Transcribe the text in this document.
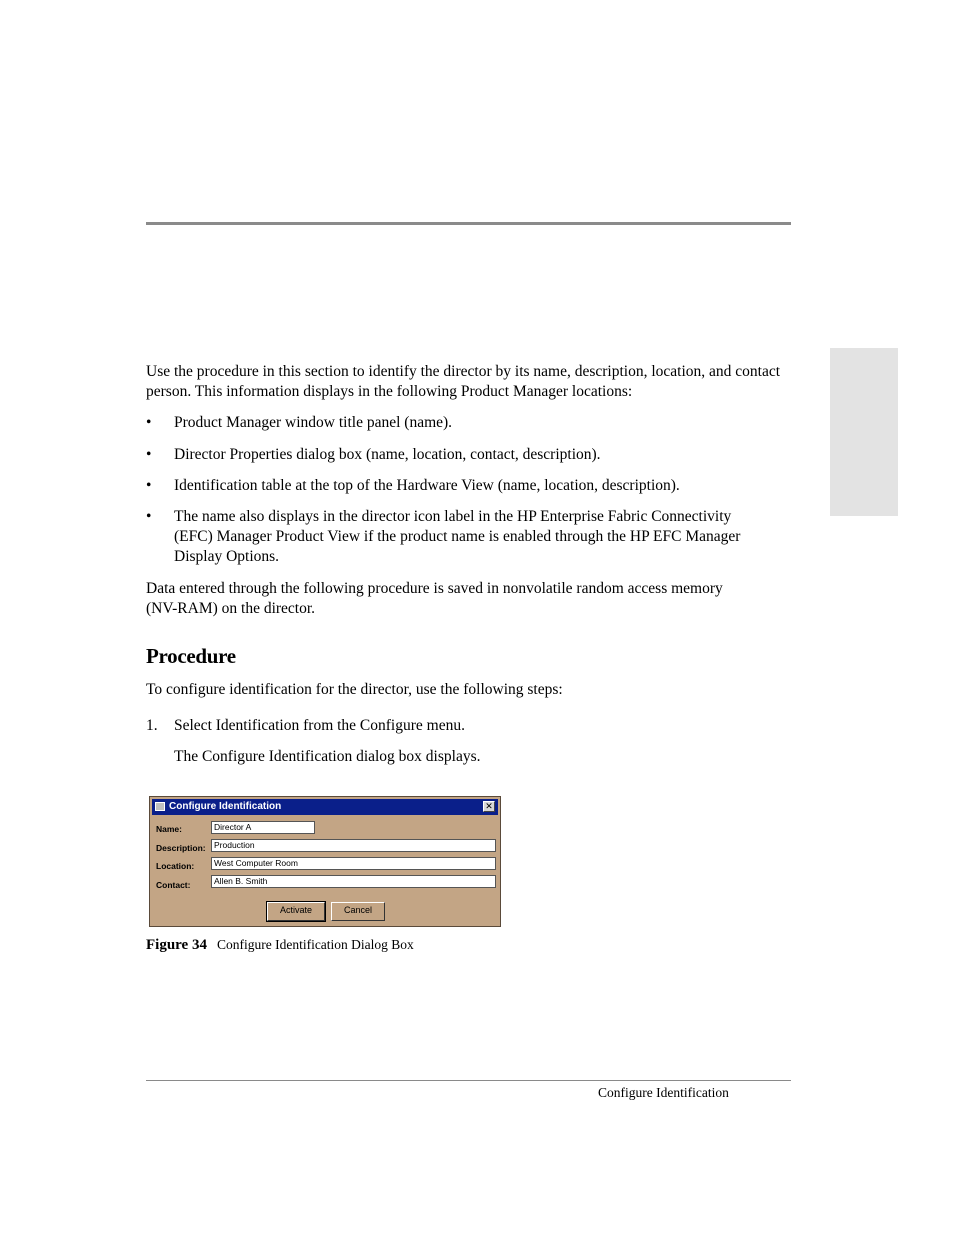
Use the procedure in this section to identify the director by its name, description, location, and contact person. This information displays in the following Product Manager locations:
•	Product Manager window title panel (name).
•	Director Properties dialog box (name, location, contact, description).
•	Identification table at the top of the Hardware View (name, location, description).
•	The name also displays in the director icon label in the HP Enterprise Fabric Connectivity (EFC) Manager Product View if the product name is enabled through the HP EFC Manager Display Options.
Data entered through the following procedure is saved in nonvolatile random access memory (NV-RAM) on the director.
Procedure
To configure identification for the director, use the following steps:
1. Select Identification from the Configure menu.
The Configure Identification dialog box displays.
Configure Identification	✕
Name:	Director A
Description: Production
Location:	West Computer Room
Contact:	Allen B. Smith
Activate	Cancel
Figure 34 Configure Identification Dialog Box
Configure Identification
